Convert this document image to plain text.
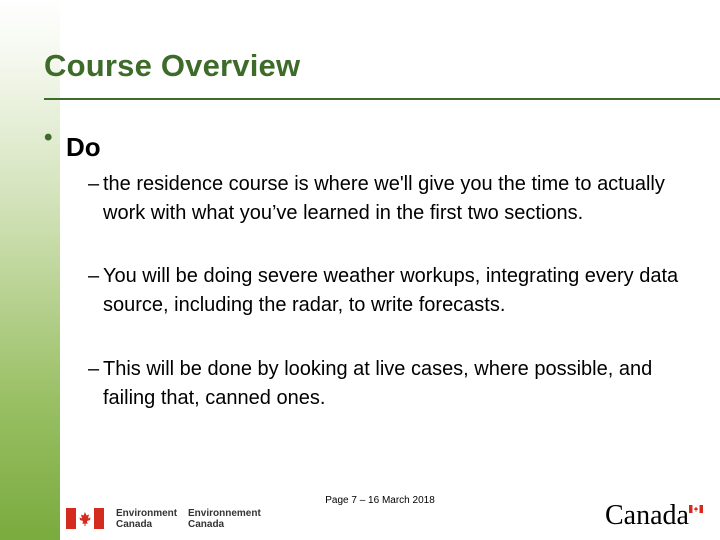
Course Overview
• Do
– the residence course is where we'll give you the time to actually work with what you’ve learned in the first two sections.
– You will be doing severe weather workups, integrating every data source, including the radar, to write forecasts.
– This will be done by looking at live cases, where possible, and failing that, canned ones.
Page 7 – 16 March 2018
Environment
Canada
Environnement
Canada	Canada
